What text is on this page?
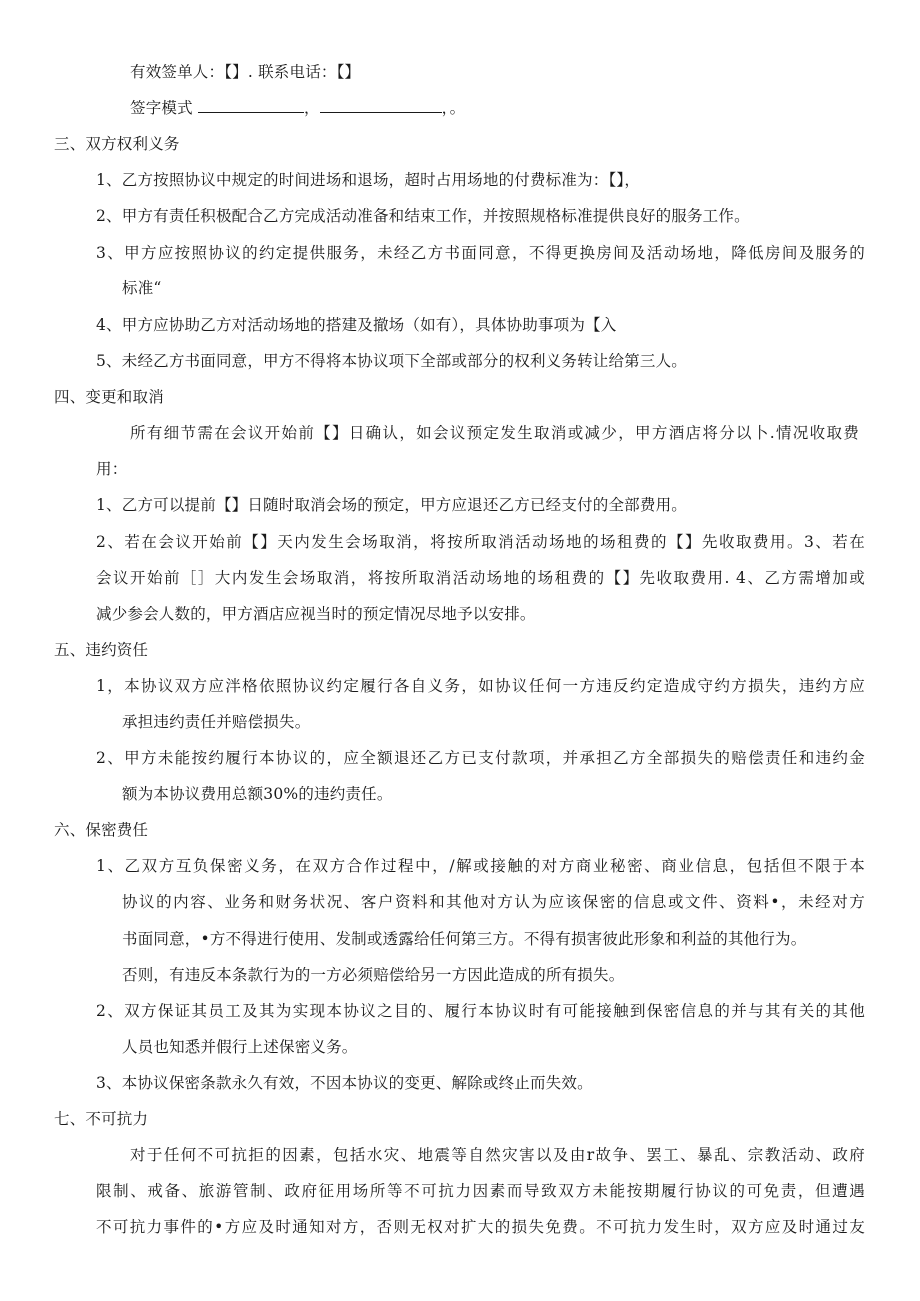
有效签单人：【】. 联系电话：【】
签字模式	，	，。
三、双方权利义务
1、乙方按照协议中规定的时间进场和退场，超时占用场地的付费标准为：【】，
2、甲方有责任积极配合乙方完成活动准备和结束工作，并按照规格标准提供良好的服务工作。
3、甲方应按照协议的约定提供服务，未经乙方书面同意，不得更换房间及活动场地，降低房间及服务的
标准“
4、甲方应协助乙方对活动场地的搭建及撤场（如有），具体协助事项为【入
5、未经乙方书面同意，甲方不得将本协议项下全部或部分的权利义务转让给第三人。
四、变更和取消
所有细节需在会议开始前【】日确认，如会议预定发生取消或减少，甲方酒店将分以卜.情况收取费
用：
1、乙方可以提前【】日随时取消会场的预定，甲方应退还乙方已经支付的全部费用。
2、若在会议开始前【】天内发生会场取消，将按所取消活动场地的场租费的【】先收取费用。3、若在
会议开始前［］大内发生会场取消，将按所取消活动场地的场租费的【】先收取费用. 4、乙方需增加或
减少参会人数的，甲方酒店应视当时的预定情况尽地予以安排。
五、违约资任
1，本协议双方应泮格依照协议约定履行各自义务，如协议任何一方违反约定造成守约方损失，违约方应
承担违约责任并赔偿损失。
2、甲方未能按约履行本协议的，应全额退还乙方已支付款项，并承担乙方全部损失的赔偿责任和违约金
额为本协议费用总额30%的违约责任。
六、保密费任
1、乙双方互负保密义务，在双方合作过程中，/解或接触的对方商业秘密、商业信息，包括但不限于本
协议的内容、业务和财务状况、客户资料和其他对方认为应该保密的信息或文件、资料•，未经对方
书面同意，•方不得进行使用、发制或透露给任何第三方。不得有损害彼此形象和利益的其他行为。
否则，有违反本条款行为的一方必须赔偿给另一方因此造成的所有损失。
2、双方保证其员工及其为实现本协议之目的、履行本协议时有可能接触到保密信息的并与其有关的其他
人员也知悉并假行上述保密义务。
3、本协议保密条款永久有效，不因本协议的变更、解除或终止而失效。
七、不可抗力
对于任何不可抗拒的因素，包括水灾、地震等自然灾害以及由r故争、罢工、暴乱、宗教活动、政府
限制、戒备、旅游管制、政府征用场所等不可抗力因素而导致双方未能按期履行协议的可免责，但遭遇
不可抗力事件的•方应及时通知对方，否则无权对扩大的损失免费。不可抗力发生时，双方应及时通过友
